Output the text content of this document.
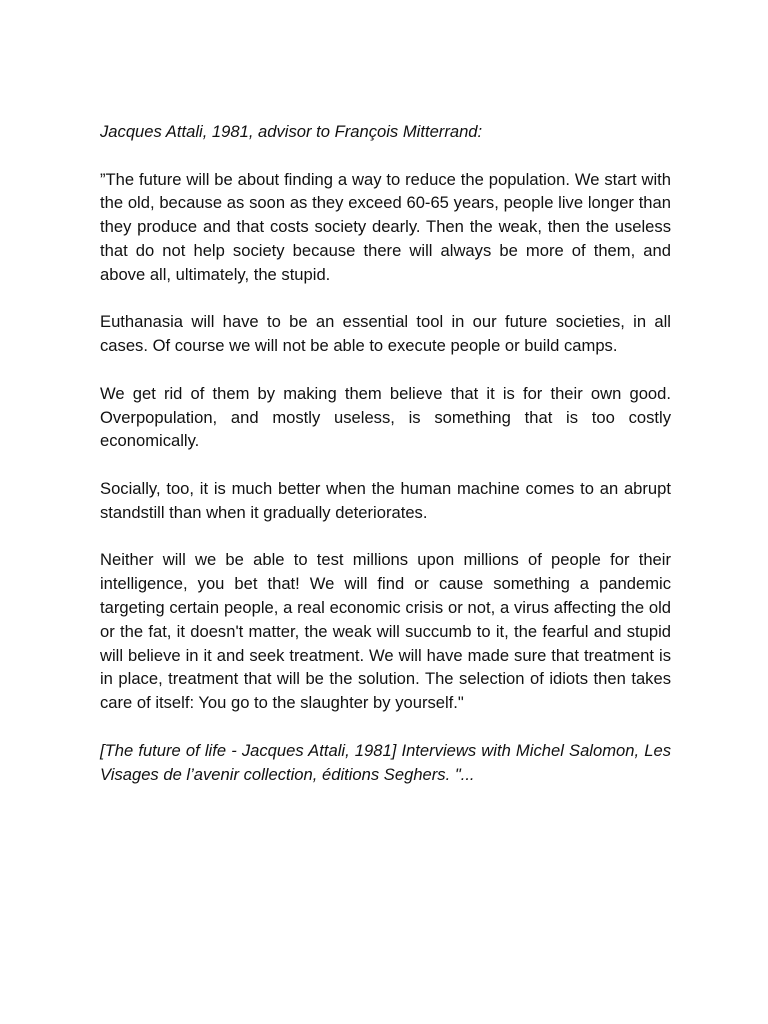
Jacques Attali, 1981, advisor to François Mitterrand:

”The future will be about finding a way to reduce the population. We start with the old, because as soon as they exceed 60-65 years, people live longer than they produce and that costs society dearly. Then the weak, then the useless that do not help society because there will always be more of them, and above all, ultimately, the stupid.

Euthanasia will have to be an essential tool in our future societies, in all cases. Of course we will not be able to execute people or build camps.

We get rid of them by making them believe that it is for their own good. Overpopulation, and mostly useless, is something that is too costly economically.

Socially, too, it is much better when the human machine comes to an abrupt standstill than when it gradually deteriorates.

Neither will we be able to test millions upon millions of people for their intelligence, you bet that! We will find or cause something a pandemic targeting certain people, a real economic crisis or not, a virus affecting the old or the fat, it doesn't matter, the weak will succumb to it, the fearful and stupid will believe in it and seek treatment. We will have made sure that treatment is in place, treatment that will be the solution. The selection of idiots then takes care of itself: You go to the slaughter by yourself."

[The future of life - Jacques Attali, 1981] Interviews with Michel Salomon, Les Visages de l’avenir collection, éditions Seghers. "...
